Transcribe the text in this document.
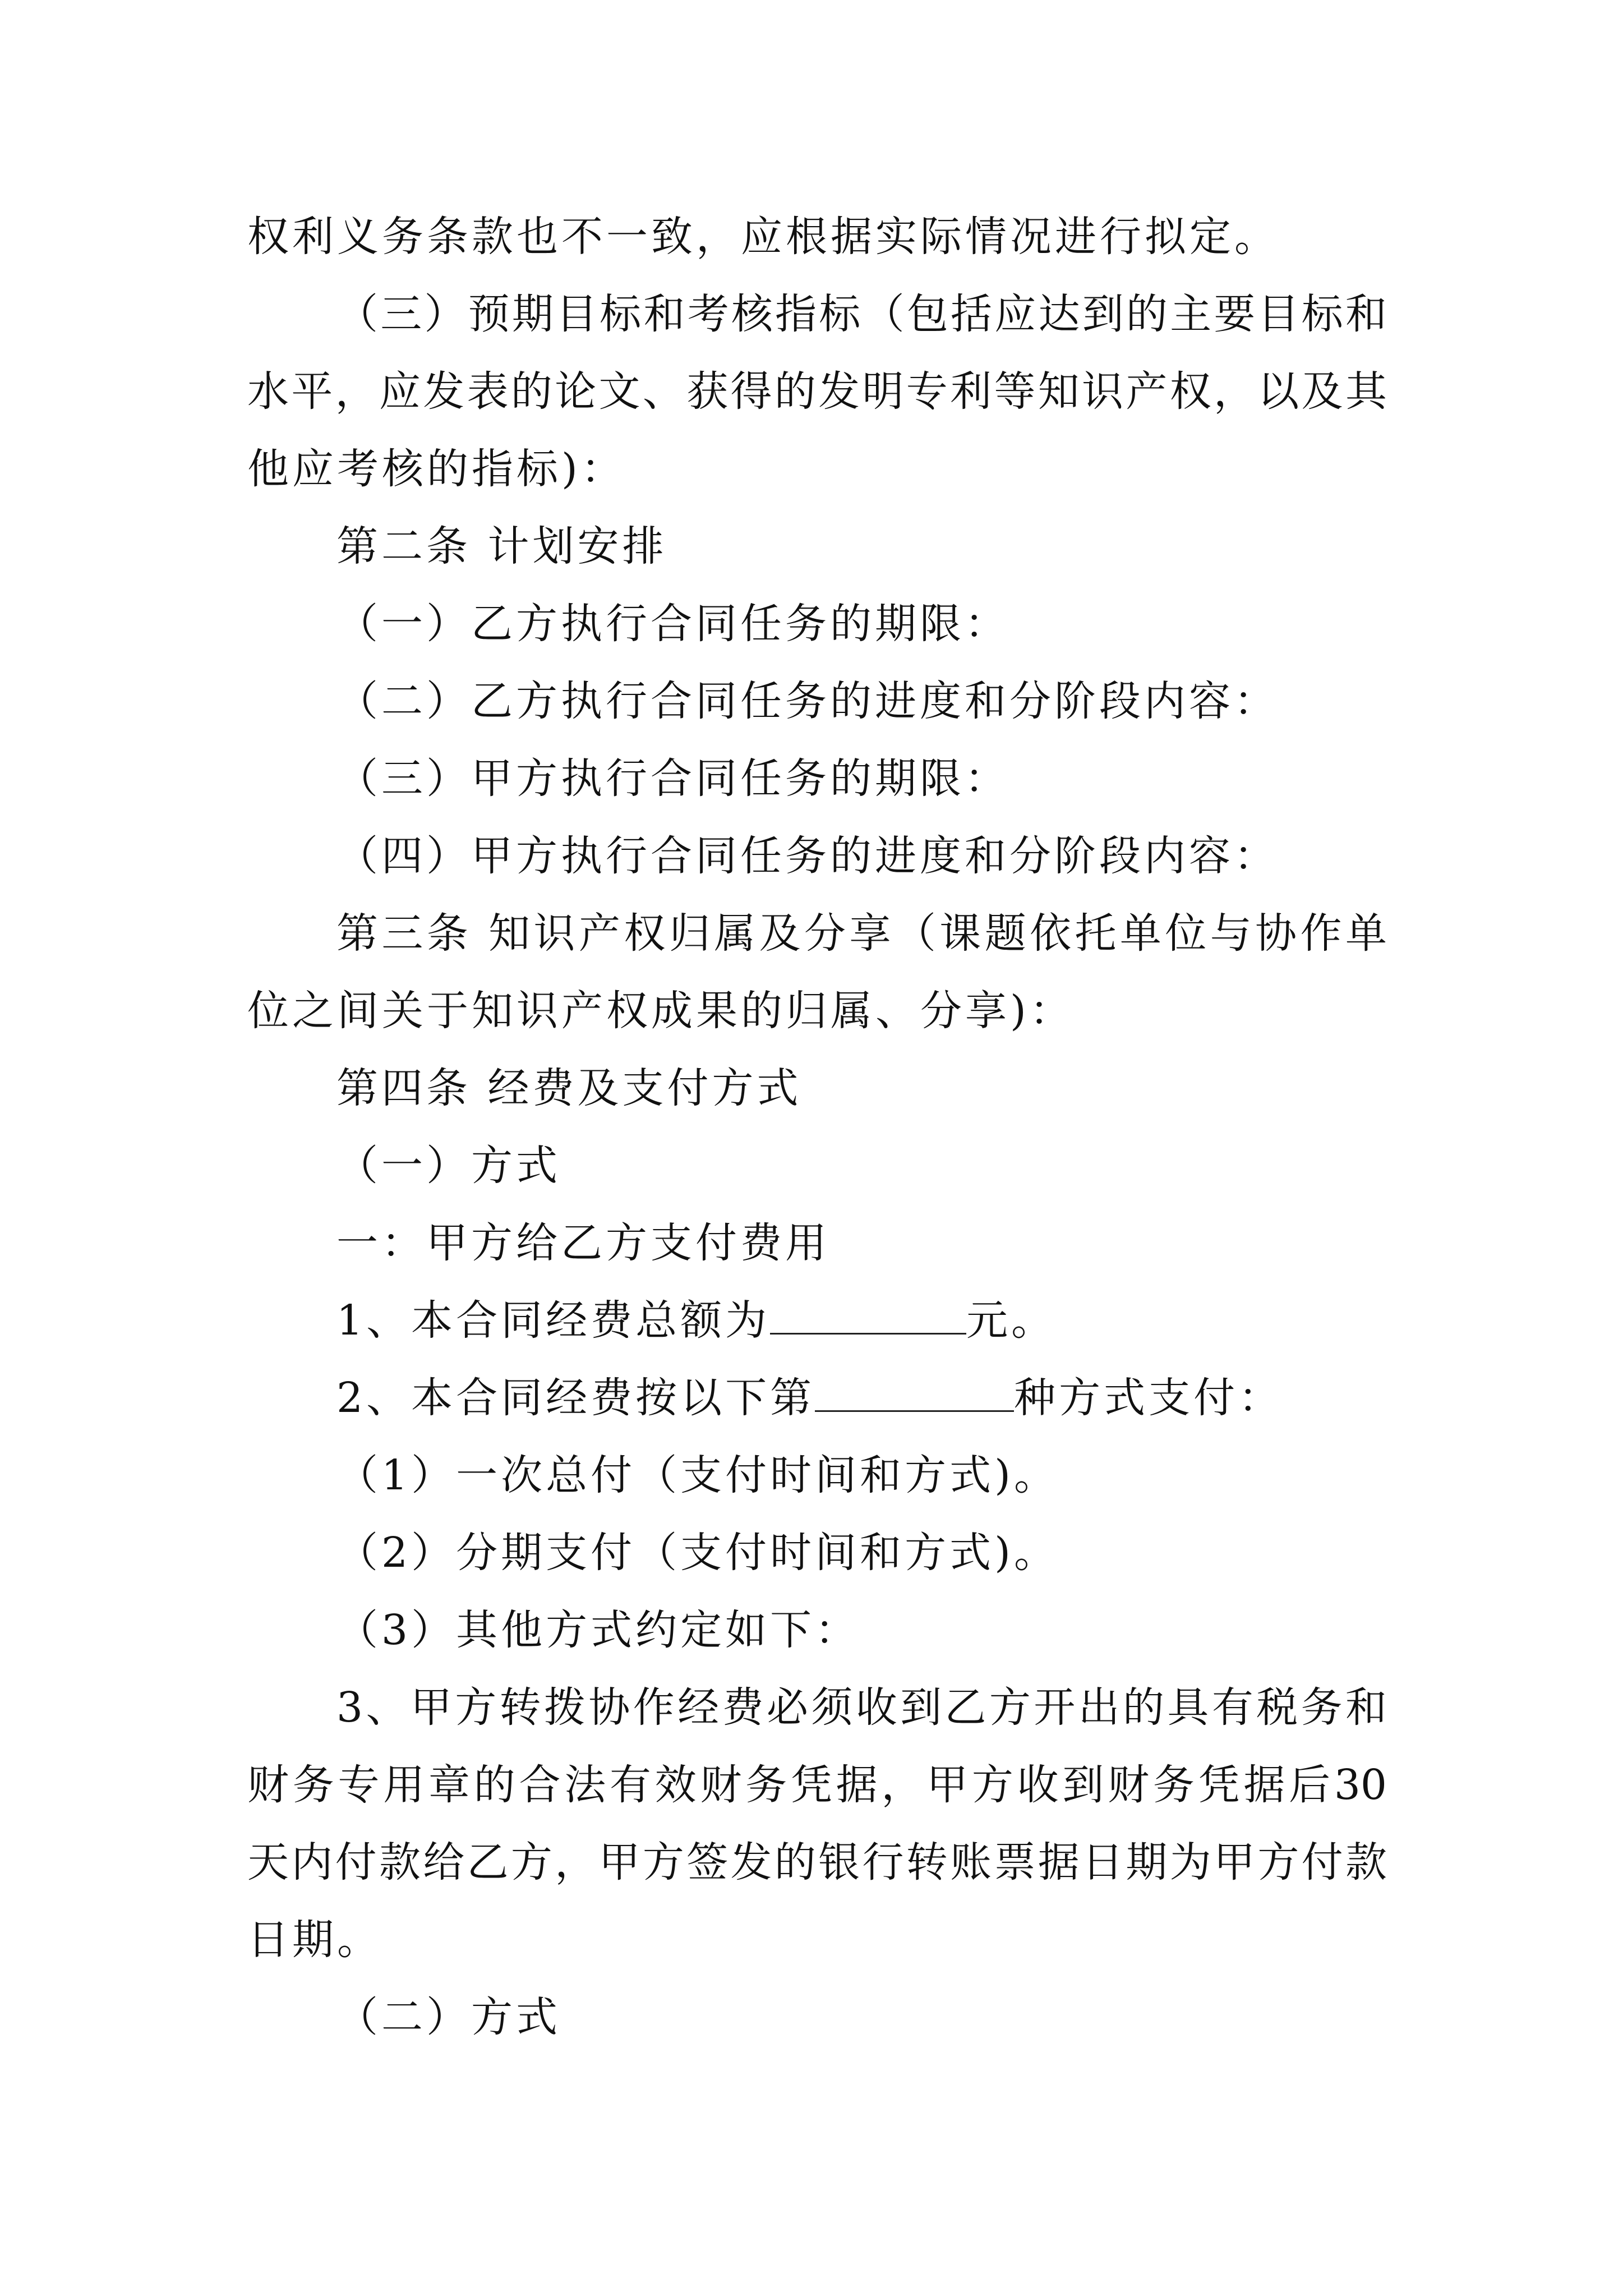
权利义务条款也不一致，应根据实际情况进行拟定。
（三）预期目标和考核指标（包括应达到的主要目标和
水平，应发表的论文、获得的发明专利等知识产权，以及其
他应考核的指标)：
第二条 计划安排
（一）乙方执行合同任务的期限：
（二）乙方执行合同任务的进度和分阶段内容：
（三）甲方执行合同任务的期限：
（四）甲方执行合同任务的进度和分阶段内容：
第三条 知识产权归属及分享（课题依托单位与协作单
位之间关于知识产权成果的归属、分享)：
第四条 经费及支付方式
（一）方式
一：甲方给乙方支付费用
1、本合同经费总额为	元。
2、本合同经费按以下第	种方式支付：
（1）一次总付（支付时间和方式)。
（2）分期支付（支付时间和方式)。
（3）其他方式约定如下：
3、甲方转拨协作经费必须收到乙方开出的具有税务和
财务专用章的合法有效财务凭据，甲方收到财务凭据后30
天内付款给乙方，甲方签发的银行转账票据日期为甲方付款
日期。
（二）方式
